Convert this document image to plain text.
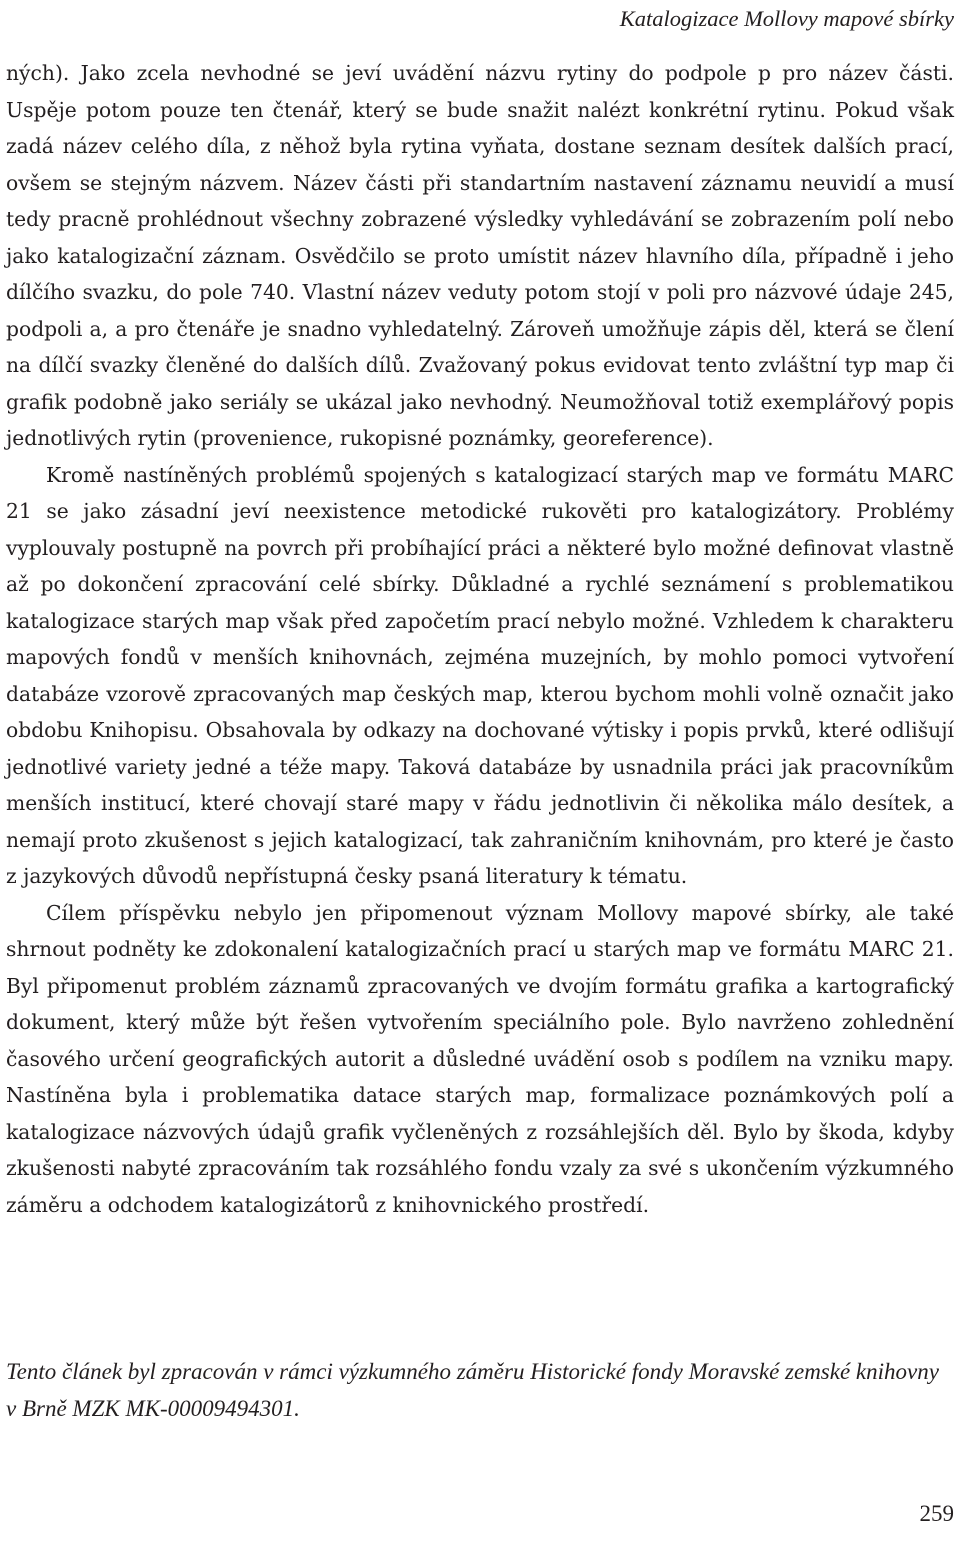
Katalogizace Mollovy mapové sbírky

ných). Jako zcela nevhodné se jeví uvádění názvu rytiny do podpole p pro název části. Uspěje potom pouze ten čtenář, který se bude snažit nalézt konkrétní rytinu. Pokud však zadá název celého díla, z něhož byla rytina vyňata, dostane seznam desítek dalších prací, ovšem se stejným názvem. Název části při standartním nastavení záznamu neuvidí a musí tedy pracně prohlédnout všechny zobrazené výsledky vyhledávání se zobrazením polí nebo jako katalogizační záznam. Osvědčilo se proto umístit název hlavního díla, případně i jeho dílčího svazku, do pole 740. Vlastní název veduty potom stojí v poli pro názvové údaje 245, podpoli a, a pro čtenáře je snadno vyhledatelný. Zároveň umožňuje zápis děl, která se člení na dílčí svazky členěné do dalších dílů. Zvažovaný pokus evidovat tento zvláštní typ map či grafik podobně jako seriály se ukázal jako nevhodný. Neumožňoval totiž exemplářový popis jednotlivých rytin (provenience, rukopisné poznámky, georeference).

Kromě nastíněných problémů spojených s katalogizací starých map ve formátu MARC 21 se jako zásadní jeví neexistence metodické rukověti pro katalogizátory. Problémy vyplouvaly postupně na povrch při probíhající práci a některé bylo možné definovat vlastně až po dokončení zpracování celé sbírky. Důkladné a rychlé seznámení s problematikou katalogizace starých map však před započetím prací nebylo možné. Vzhledem k charakteru mapových fondů v menších knihovnách, zejména muzejních, by mohlo pomoci vytvoření databáze vzorově zpracovaných map českých map, kterou bychom mohli volně označit jako obdobu Knihopisu. Obsahovala by odkazy na dochované výtisky i popis prvků, které odlišují jednotlivé variety jedné a téže mapy. Taková databáze by usnadnila práci jak pracovníkům menších institucí, které chovají staré mapy v řádu jednotlivin či několika málo desítek, a nemají proto zkušenost s jejich katalogizací, tak zahraničním knihovnám, pro které je často z jazykových důvodů nepřístupná česky psaná literatury k tématu.

Cílem příspěvku nebylo jen připomenout význam Mollovy mapové sbírky, ale také shrnout podněty ke zdokonalení katalogizačních prací u starých map ve formátu MARC 21. Byl připomenut problém záznamů zpracovaných ve dvojím formátu grafika a kartografický dokument, který může být řešen vytvořením speciálního pole. Bylo navrženo zohlednění časového určení geografických autorit a důsledné uvádění osob s podílem na vzniku mapy. Nastíněna byla i problematika datace starých map, formalizace poznámkových polí a katalogizace názvových údajů grafik vyčleněných z rozsáhlejších děl. Bylo by škoda, kdyby zkušenosti nabyté zpracováním tak rozsáhlého fondu vzaly za své s ukončením výzkumného záměru a odchodem katalogizátorů z knihovnického prostředí.

Tento článek byl zpracován v rámci výzkumného záměru Historické fondy Moravské zemské knihovny v Brně MZK MK-00009494301.

259
